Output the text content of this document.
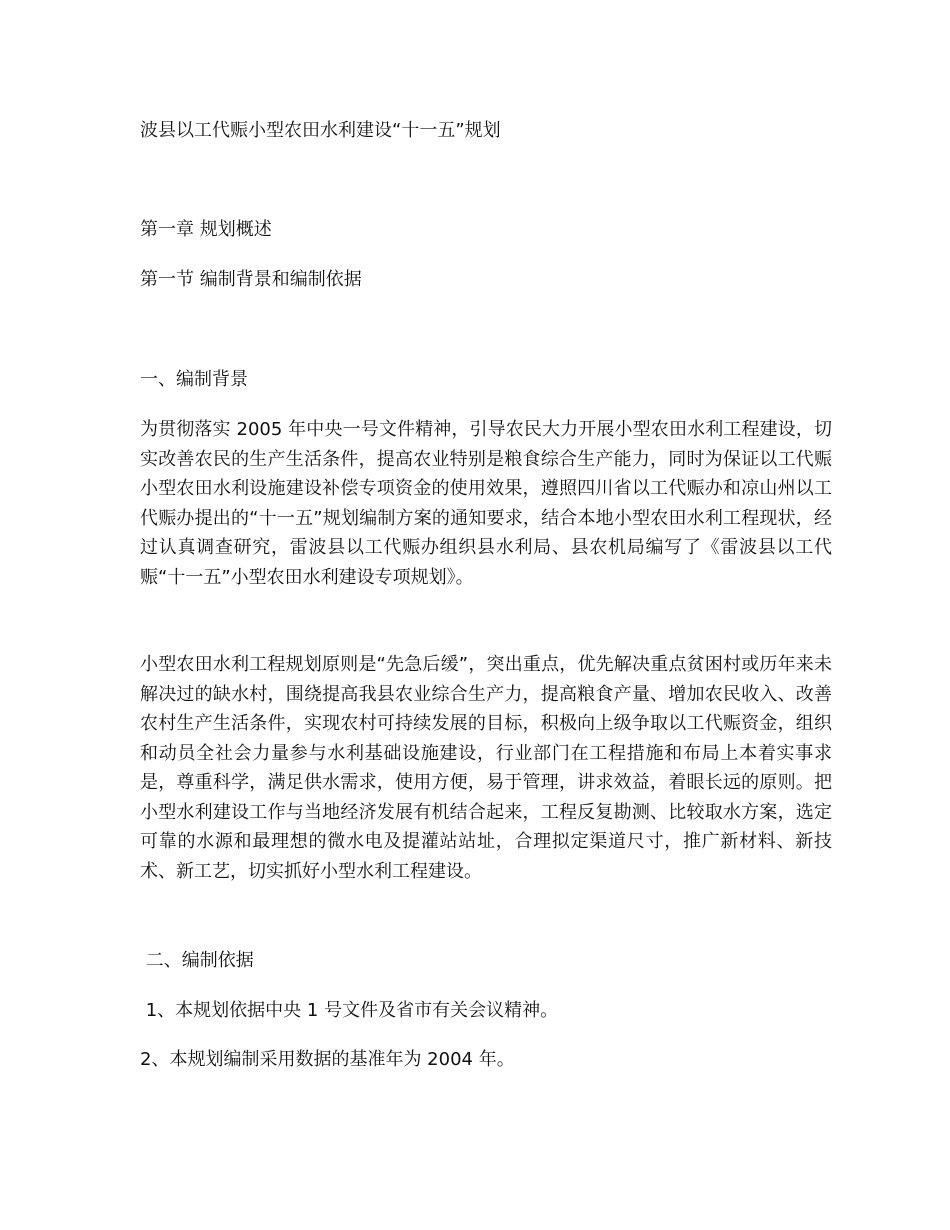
波县以工代赈小型农田水利建设“十一五”规划
第一章 规划概述
第一节 编制背景和编制依据
一、编制背景
为贯彻落实 2005 年中央一号文件精神，引导农民大力开展小型农田水利工程建设，切实改善农民的生产生活条件，提高农业特别是粮食综合生产能力，同时为保证以工代赈小型农田水利设施建设补偿专项资金的使用效果，遵照四川省以工代赈办和凉山州以工代赈办提出的“十一五”规划编制方案的通知要求，结合本地小型农田水利工程现状，经过认真调查研究，雷波县以工代赈办组织县水利局、县农机局编写了《雷波县以工代赈“十一五”小型农田水利建设专项规划》。
小型农田水利工程规划原则是“先急后缓”，突出重点，优先解决重点贫困村或历年来未解决过的缺水村，围绕提高我县农业综合生产力，提高粮食产量、增加农民收入、改善农村生产生活条件，实现农村可持续发展的目标，积极向上级争取以工代赈资金，组织和动员全社会力量参与水利基础设施建设，行业部门在工程措施和布局上本着实事求是，尊重科学，满足供水需求，使用方便，易于管理，讲求效益，着眼长远的原则。把小型水利建设工作与当地经济发展有机结合起来，工程反复勘测、比较取水方案，选定可靠的水源和最理想的微水电及提灌站站址，合理拟定渠道尺寸，推广新材料、新技术、新工艺，切实抓好小型水利工程建设。
二、编制依据
1、本规划依据中央 1 号文件及省市有关会议精神。
2、本规划编制采用数据的基准年为 2004 年。
